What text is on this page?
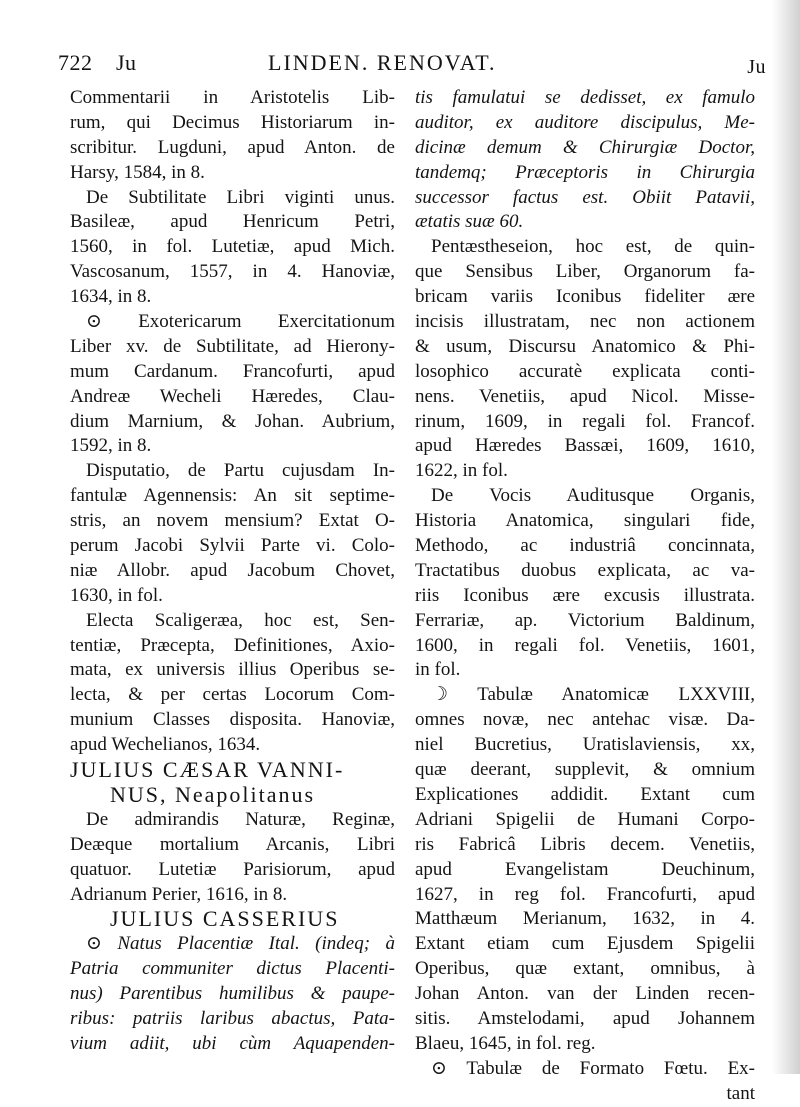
722 Ju	LINDEN. RENOVAT.	Ju
Commentarii in Aristotelis Lib-
rum, qui Decimus Historiarum in-
scribitur. Lugduni, apud Anton. de
Harsy, 1584, in 8.
De Subtilitate Libri viginti unus.
Basileæ, apud Henricum Petri,
1560, in fol. Lutetiæ, apud Mich.
Vascosanum, 1557, in 4. Hanoviæ,
1634, in 8.
⊙ Exotericarum Exercitationum
Liber xv. de Subtilitate, ad Hierony-
mum Cardanum. Francofurti, apud
Andreæ Wecheli Hæredes, Clau-
dium Marnium, & Johan. Aubrium,
1592, in 8.
Disputatio, de Partu cujusdam In-
fantulæ Agennensis: An sit septime-
stris, an novem mensium? Extat O-
perum Jacobi Sylvii Parte vi. Colo-
niæ Allobr. apud Jacobum Chovet,
1630, in fol.
Electa Scaligeræa, hoc est, Sen-
tentiæ, Præcepta, Definitiones, Axio-
mata, ex universis illius Operibus se-
lecta, & per certas Locorum Com-
munium Classes disposita. Hanoviæ,
apud Wechelianos, 1634.
JULIUS CÆSAR VANNI-
NUS, Neapolitanus
De admirandis Naturæ, Reginæ,
Deæque mortalium Arcanis, Libri
quatuor. Lutetiæ Parisiorum, apud
Adrianum Perier, 1616, in 8.
JULIUS CASSERIUS
⊙ Natus Placentiæ Ital. (indeq; à
Patria communiter dictus Placenti-
nus) Parentibus humilibus & paupe-
ribus: patriis laribus abactus, Pata-
vium adiit, ubi cùm Aquapenden-
tis famulatui se dedisset, ex famulo
auditor, ex auditore discipulus, Me-
dicinæ demum & Chirurgiæ Doctor,
tandemq; Præceptoris in Chirurgia
successor factus est. Obiit Patavii,
ætatis suæ 60.
Pentæstheseion, hoc est, de quin-
que Sensibus Liber, Organorum fa-
bricam variis Iconibus fideliter ære
incisis illustratam, nec non actionem
& usum, Discursu Anatomico & Phi-
losophico accuratè explicata conti-
nens. Venetiis, apud Nicol. Misse-
rinum, 1609, in regali fol. Francof.
apud Hæredes Bassæi, 1609, 1610,
1622, in fol.
De Vocis Auditusque Organis,
Historia Anatomica, singulari fide,
Methodo, ac industriâ concinnata,
Tractatibus duobus explicata, ac va-
riis Iconibus ære excusis illustrata.
Ferrariæ, ap. Victorium Baldinum,
1600, in regali fol. Venetiis, 1601,
in fol.
☽ Tabulæ Anatomicæ LXXVIII,
omnes novæ, nec antehac visæ. Da-
niel Bucretius, Uratislaviensis, xx,
quæ deerant, supplevit, & omnium
Explicationes addidit. Extant cum
Adriani Spigelii de Humani Corpo-
ris Fabricâ Libris decem. Venetiis,
apud Evangelistam Deuchinum,
1627, in reg fol. Francofurti, apud
Matthæum Merianum, 1632, in 4.
Extant etiam cum Ejusdem Spigelii
Operibus, quæ extant, omnibus, à
Johan Anton. van der Linden recen-
sitis. Amstelodami, apud Johannem
Blaeu, 1645, in fol. reg.
⊙ Tabulæ de Formato Fœtu. Ex-
tant
